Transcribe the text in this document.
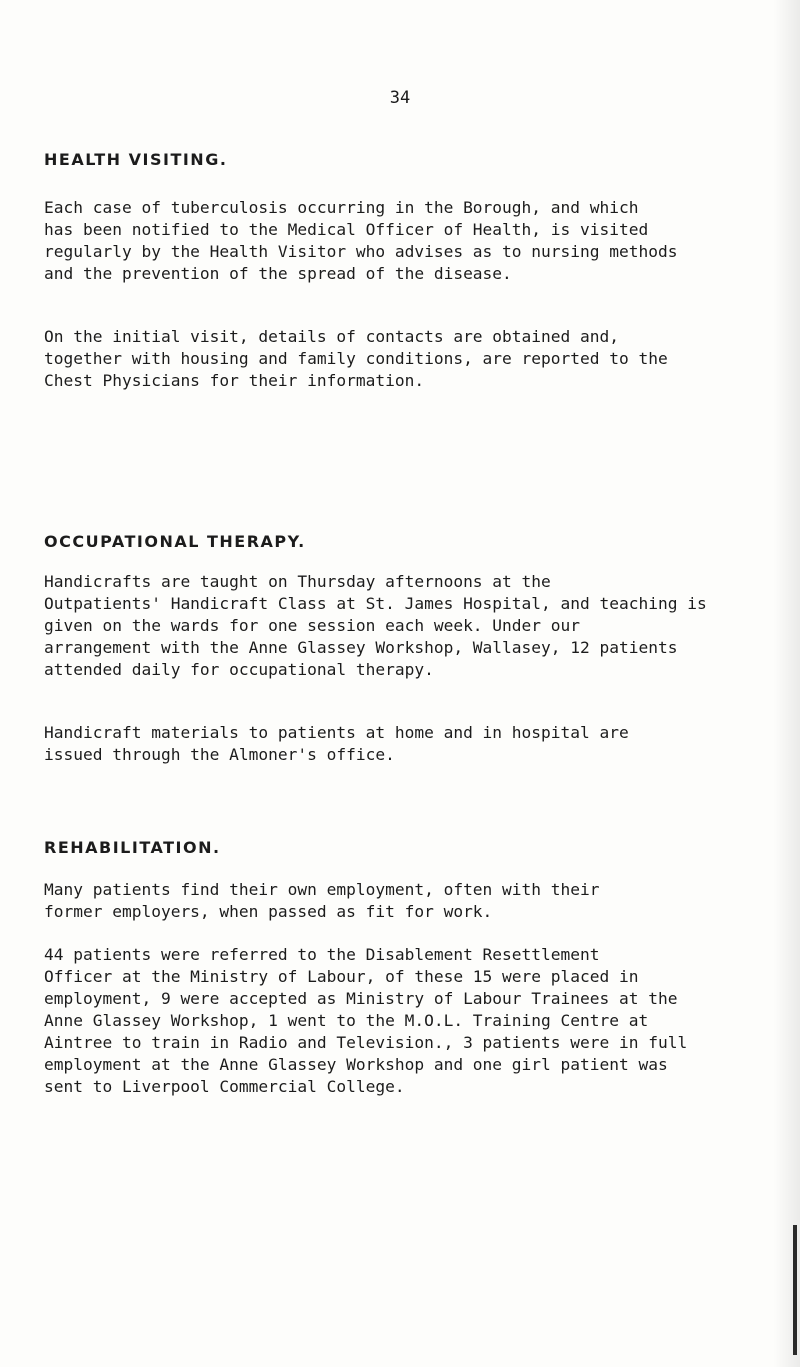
34
HEALTH VISITING.
Each case of tuberculosis occurring in the Borough, and which
has been notified to the Medical Officer of Health, is visited
regularly by the Health Visitor who advises as to nursing methods
and the prevention of the spread of the disease.
On the initial visit, details of contacts are obtained and,
together with housing and family conditions, are reported to the
Chest Physicians for their information.
OCCUPATIONAL THERAPY.
Handicrafts are taught on Thursday afternoons at the
Outpatients' Handicraft Class at St. James Hospital, and teaching is
given on the wards for one session each week. Under our
arrangement with the Anne Glassey Workshop, Wallasey, 12 patients
attended daily for occupational therapy.
Handicraft materials to patients at home and in hospital are
issued through the Almoner's office.
REHABILITATION.
Many patients find their own employment, often with their
former employers, when passed as fit for work.
44 patients were referred to the Disablement Resettlement
Officer at the Ministry of Labour, of these 15 were placed in
employment, 9 were accepted as Ministry of Labour Trainees at the
Anne Glassey Workshop, 1 went to the M.O.L. Training Centre at
Aintree to train in Radio and Television., 3 patients were in full
employment at the Anne Glassey Workshop and one girl patient was
sent to Liverpool Commercial College.
